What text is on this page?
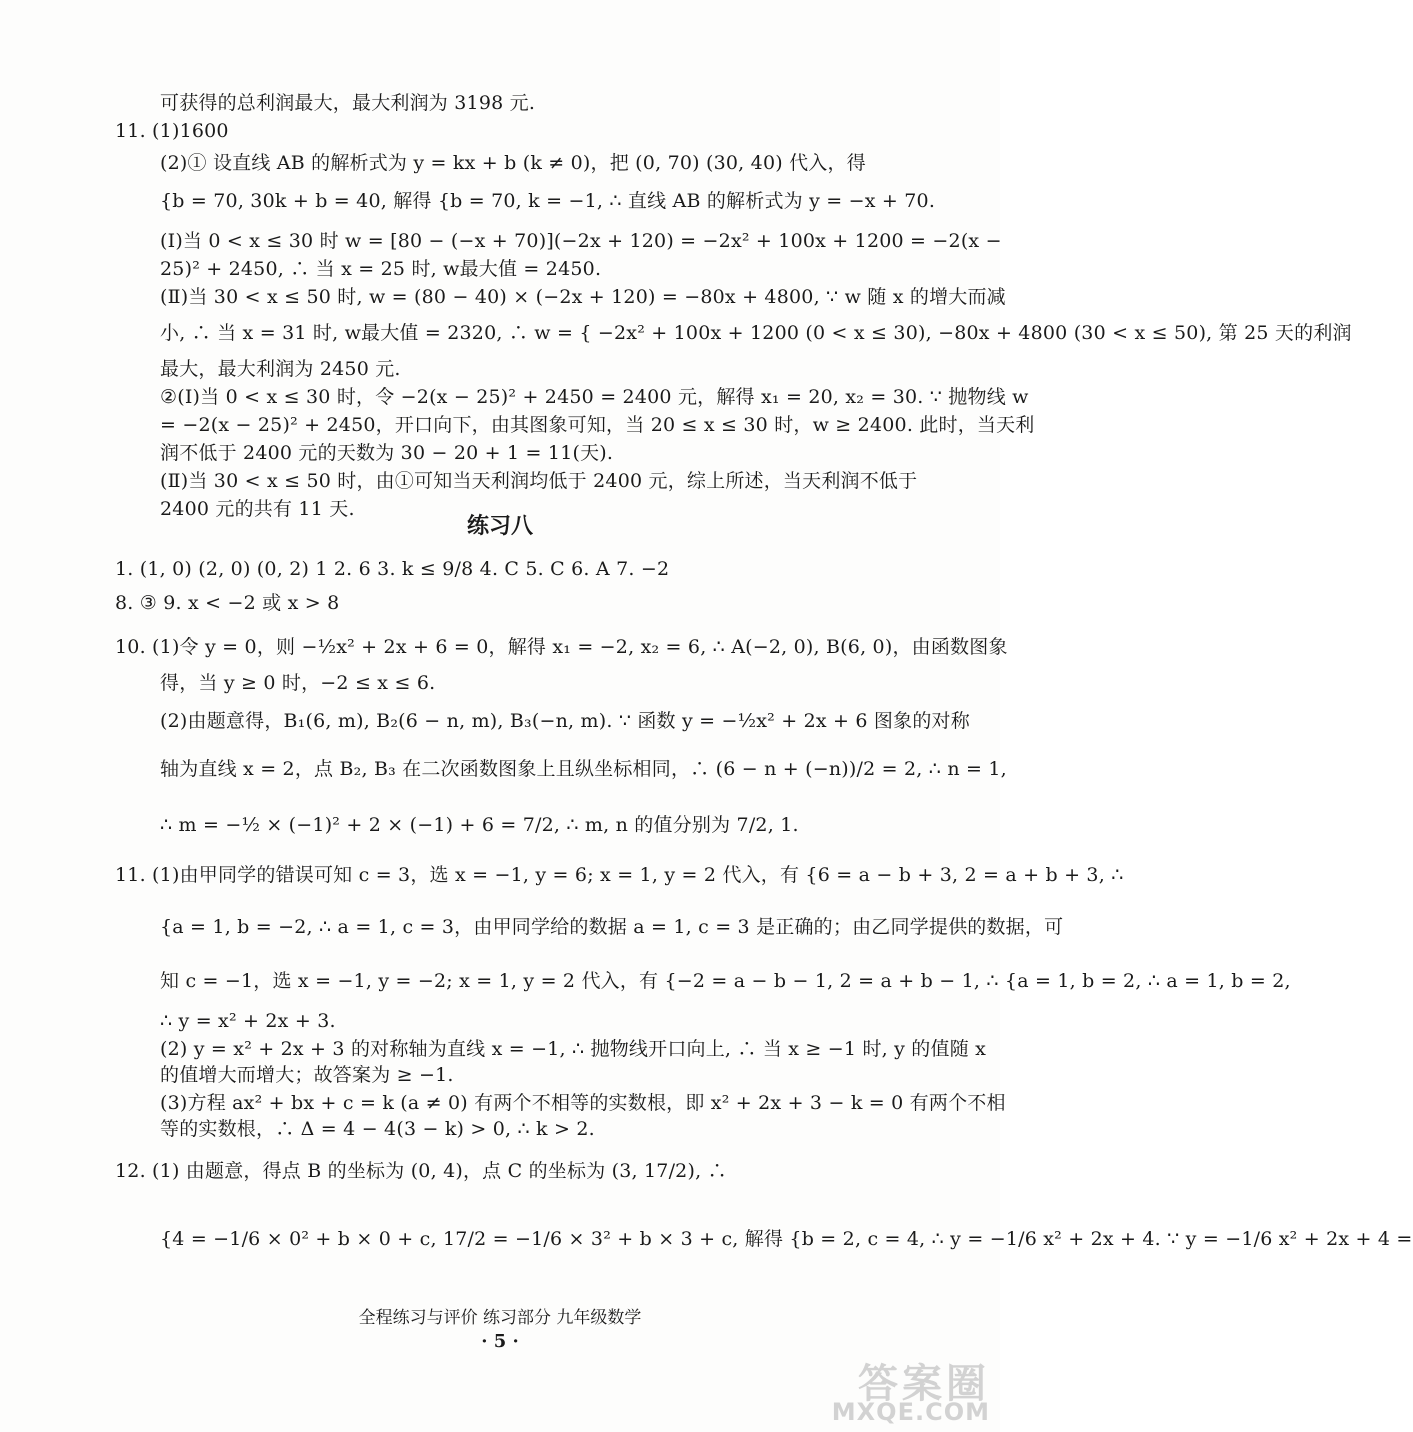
可获得的总利润最大，最大利润为 3198 元.
11. (1)1600
(2)① 设直线 AB 的解析式为 y = kx + b (k ≠ 0)，把 (0, 70) (30, 40) 代入，得
{b = 70, 30k + b = 40, 解得 {b = 70, k = −1, ∴ 直线 AB 的解析式为 y = −x + 70.
(Ⅰ)当 0 < x ≤ 30 时 w = [80 − (−x + 70)](−2x + 120) = −2x² + 100x + 1200 = −2(x −
25)² + 2450, ∴ 当 x = 25 时, w最大值 = 2450.
(Ⅱ)当 30 < x ≤ 50 时, w = (80 − 40) × (−2x + 120) = −80x + 4800, ∵ w 随 x 的增大而减
小, ∴ 当 x = 31 时, w最大值 = 2320, ∴ w = { −2x² + 100x + 1200 (0 < x ≤ 30), −80x + 4800 (30 < x ≤ 50), 第 25 天的利润
最大，最大利润为 2450 元.
②(Ⅰ)当 0 < x ≤ 30 时，令 −2(x − 25)² + 2450 = 2400 元，解得 x₁ = 20, x₂ = 30. ∵ 抛物线 w
= −2(x − 25)² + 2450，开口向下，由其图象可知，当 20 ≤ x ≤ 30 时，w ≥ 2400. 此时，当天利
润不低于 2400 元的天数为 30 − 20 + 1 = 11(天).
(Ⅱ)当 30 < x ≤ 50 时，由①可知当天利润均低于 2400 元，综上所述，当天利润不低于
2400 元的共有 11 天.
练习八
1. (1, 0) (2, 0) (0, 2) 1 2. 6 3. k ≤ 9/8 4. C 5. C 6. A 7. −2
8. ③ 9. x < −2 或 x > 8
10. (1)令 y = 0，则 −½x² + 2x + 6 = 0，解得 x₁ = −2, x₂ = 6, ∴ A(−2, 0), B(6, 0)，由函数图象
得，当 y ≥ 0 时，−2 ≤ x ≤ 6.
(2)由题意得，B₁(6, m), B₂(6 − n, m), B₃(−n, m). ∵ 函数 y = −½x² + 2x + 6 图象的对称
轴为直线 x = 2，点 B₂, B₃ 在二次函数图象上且纵坐标相同，∴ (6 − n + (−n))/2 = 2, ∴ n = 1,
∴ m = −½ × (−1)² + 2 × (−1) + 6 = 7/2, ∴ m, n 的值分别为 7/2, 1.
11. (1)由甲同学的错误可知 c = 3，选 x = −1, y = 6; x = 1, y = 2 代入，有 {6 = a − b + 3, 2 = a + b + 3, ∴
{a = 1, b = −2, ∴ a = 1, c = 3，由甲同学给的数据 a = 1, c = 3 是正确的；由乙同学提供的数据，可
知 c = −1，选 x = −1, y = −2; x = 1, y = 2 代入，有 {−2 = a − b − 1, 2 = a + b − 1, ∴ {a = 1, b = 2, ∴ a = 1, b = 2,
∴ y = x² + 2x + 3.
(2) y = x² + 2x + 3 的对称轴为直线 x = −1, ∴ 抛物线开口向上, ∴ 当 x ≥ −1 时, y 的值随 x
的值增大而增大；故答案为 ≥ −1.
(3)方程 ax² + bx + c = k (a ≠ 0) 有两个不相等的实数根，即 x² + 2x + 3 − k = 0 有两个不相
等的实数根，∴ Δ = 4 − 4(3 − k) > 0, ∴ k > 2.
12. (1) 由题意，得点 B 的坐标为 (0, 4)，点 C 的坐标为 (3, 17/2), ∴
{4 = −1/6 × 0² + b × 0 + c, 17/2 = −1/6 × 3² + b × 3 + c, 解得 {b = 2, c = 4, ∴ y = −1/6 x² + 2x + 4. ∵ y = −1/6 x² + 2x + 4 =
全程练习与评价 练习部分 九年级数学
· 5 ·
答案圈
MXQE.COM
